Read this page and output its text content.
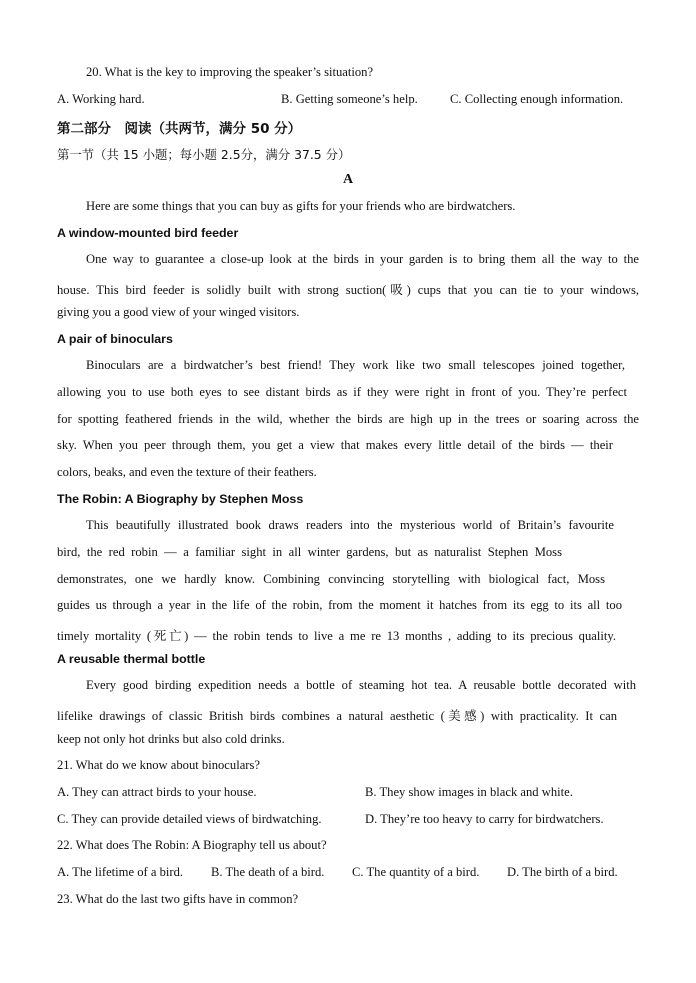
20. What is the key to improving the speaker’s situation?
A. Working hard.	B. Getting someone’s help.	C. Collecting enough information.
第二部分　阅读（共两节，满分 50 分）
第一节（共 15 小题；每小题 2.5分，满分 37.5 分）
A
Here are some things that you can buy as gifts for your friends who are birdwatchers.
A window-mounted bird feeder
One way to guarantee a close-up look at the birds in your garden is to bring them all the way to the
house. This bird feeder is solidly built with strong suction(吸) cups that you can tie to your windows,
giving you a good view of your winged visitors.
A pair of binoculars
Binoculars are a birdwatcher’s best friend! They work like two small telescopes joined together,
allowing you to use both eyes to see distant birds as if they were right in front of you. They’re perfect
for spotting feathered friends in the wild, whether the birds are high up in the trees or soaring across the
sky. When you peer through them, you get a view that makes every little detail of the birds — their
colors, beaks, and even the texture of their feathers.
The Robin: A Biography by Stephen Moss
This beautifully illustrated book draws readers into the mysterious world of Britain’s favourite
bird, the red robin — a familiar sight in all winter gardens, but as naturalist Stephen Moss
demonstrates, one we hardly know. Combining convincing storytelling with biological fact, Moss
guides us through a year in the life of the robin, from the moment it hatches from its egg to its all too
timely mortality (死亡) — the robin tends to live a me re 13 months , adding to its precious quality.
A reusable thermal bottle
Every good birding expedition needs a bottle of steaming hot tea. A reusable bottle decorated with
lifelike drawings of classic British birds combines a natural aesthetic (美感) with practicality. It can
keep not only hot drinks but also cold drinks.
21. What do we know about binoculars?
A. They can attract birds to your house.	B. They show images in black and white.
C. They can provide detailed views of birdwatching.	D. They’re too heavy to carry for birdwatchers.
22. What does The Robin: A Biography tell us about?
A. The lifetime of a bird. B. The death of a bird. C. The quantity of a bird. D. The birth of a bird.
23. What do the last two gifts have in common?
